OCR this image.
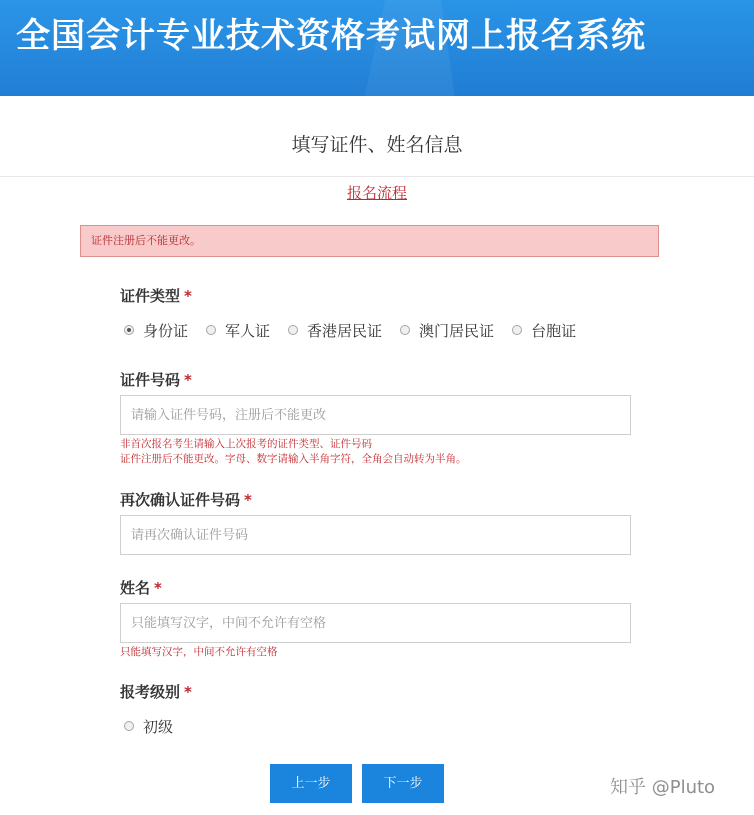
全国会计专业技术资格考试网上报名系统
填写证件、姓名信息
报名流程
证件注册后不能更改。
证件类型 *
身份证 军人证 香港居民证 澳门居民证 台胞证
证件号码 *
请输入证件号码，注册后不能更改
非首次报名考生请输入上次报考的证件类型、证件号码
证件注册后不能更改。字母、数字请输入半角字符，全角会自动转为半角。
再次确认证件号码 *
请再次确认证件号码
姓名 *
只能填写汉字，中间不允许有空格
只能填写汉字，中间不允许有空格
报考级别 *
初级
上一步	下一步	知乎 @Pluto
